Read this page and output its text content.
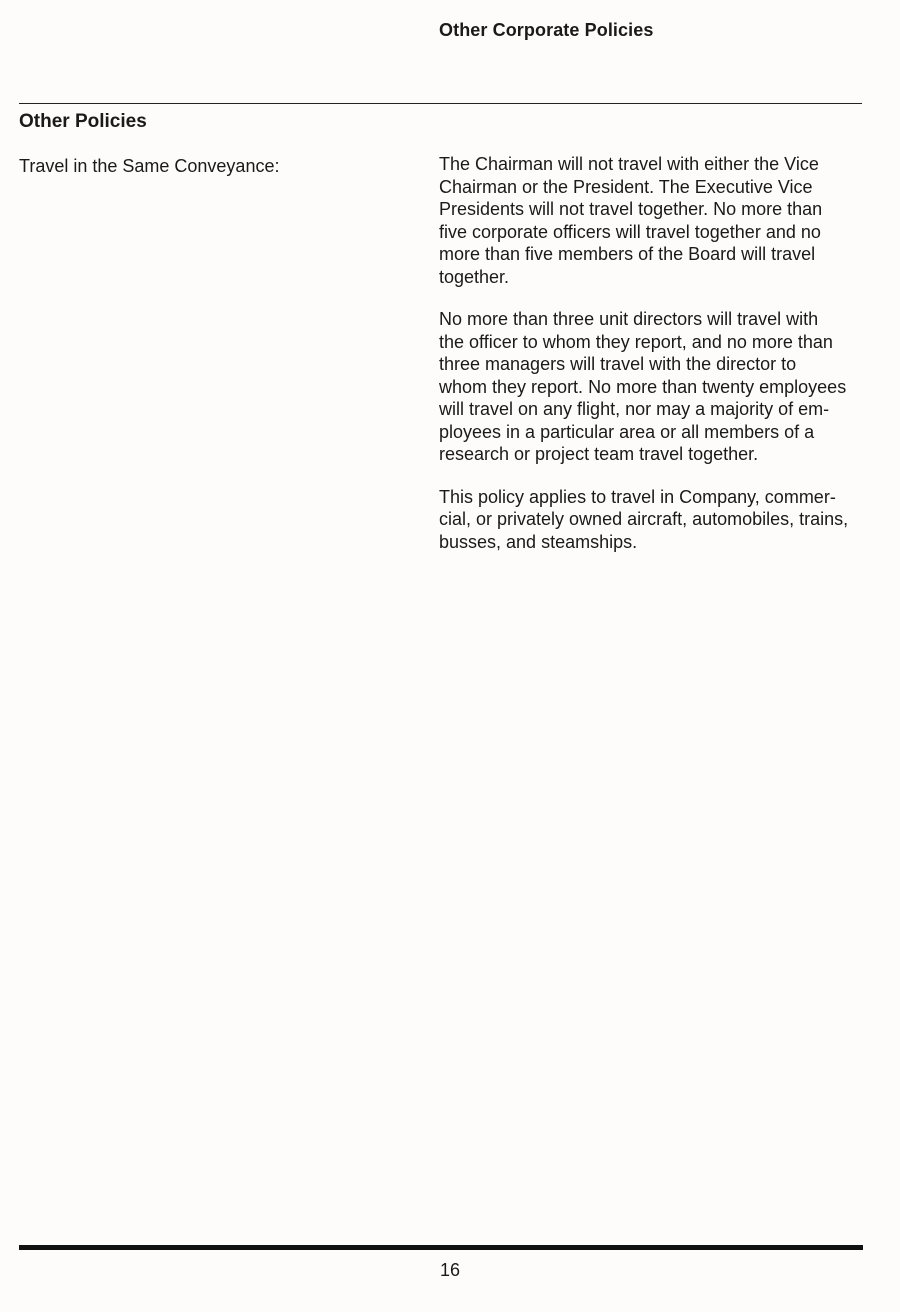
Other Corporate Policies
Other Policies
Travel in the Same Conveyance:	The Chairman will not travel with either the Vice
Chairman or the President. The Executive Vice
Presidents will not travel together. No more than
five corporate officers will travel together and no
more than five members of the Board will travel
together.

No more than three unit directors will travel with
the officer to whom they report, and no more than
three managers will travel with the director to
whom they report. No more than twenty employees
will travel on any flight, nor may a majority of em-
ployees in a particular area or all members of a
research or project team travel together.

This policy applies to travel in Company, commer-
cial, or privately owned aircraft, automobiles, trains,
busses, and steamships.

16
